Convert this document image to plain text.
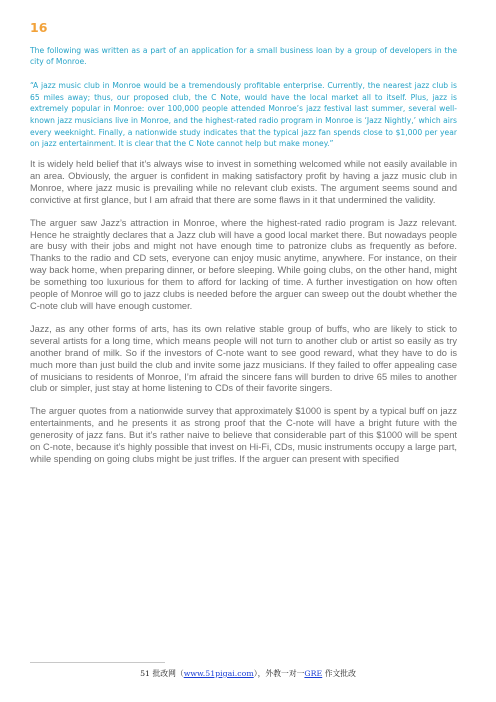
16

The following was written as a part of an application for a small business loan by a group of developers in the city of Monroe.

“A jazz music club in Monroe would be a tremendously profitable enterprise. Currently, the nearest jazz club is 65 miles away; thus, our proposed club, the C Note, would have the local market all to itself. Plus, jazz is extremely popular in Monroe: over 100,000 people attended Monroe’s jazz festival last summer, several well-known jazz musicians live in Monroe, and the highest-rated radio program in Monroe is ‘Jazz Nightly,’ which airs every weeknight. Finally, a nationwide study indicates that the typical jazz fan spends close to $1,000 per year on jazz entertainment. It is clear that the C Note cannot help but make money.”

It is widely held belief that it’s always wise to invest in something welcomed while not easily available in an area. Obviously, the arguer is confident in making satisfactory profit by having a jazz music club in Monroe, where jazz music is prevailing while no relevant club exists. The argument seems sound and convictive at first glance, but I am afraid that there are some flaws in it that undermined the validity.

The arguer saw Jazz’s attraction in Monroe, where the highest-rated radio program is Jazz relevant. Hence he straightly declares that a Jazz club will have a good local market there. But nowadays people are busy with their jobs and might not have enough time to patronize clubs as frequently as before. Thanks to the radio and CD sets, everyone can enjoy music anytime, anywhere. For instance, on their way back home, when preparing dinner, or before sleeping. While going clubs, on the other hand, might be something too luxurious for them to afford for lacking of time. A further investigation on how often people of Monroe will go to jazz clubs is needed before the arguer can sweep out the doubt whether the C-note club will have enough customer.

Jazz, as any other forms of arts, has its own relative stable group of buffs, who are likely to stick to several artists for a long time, which means people will not turn to another club or artist so easily as try another brand of milk. So if the investors of C-note want to see good reward, what they have to do is much more than just build the club and invite some jazz musicians. If they failed to offer appealing case of musicians to residents of Monroe, I’m afraid the sincere fans will burden to drive 65 miles to another club or simpler, just stay at home listening to CDs of their favorite singers.

The arguer quotes from a nationwide survey that approximately $1000 is spent by a typical buff on jazz entertainments, and he presents it as strong proof that the C-note will have a bright future with the generosity of jazz fans. But it’s rather naive to believe that considerable part of this $1000 will be spent on C-note, because it’s highly possible that invest on Hi-Fi, CDs, music instruments occupy a large part, while spending on going clubs might be just trifles. If the arguer can present with specified

51 批改网（www.51pigai.com），外教一对一GRE 作文批改
